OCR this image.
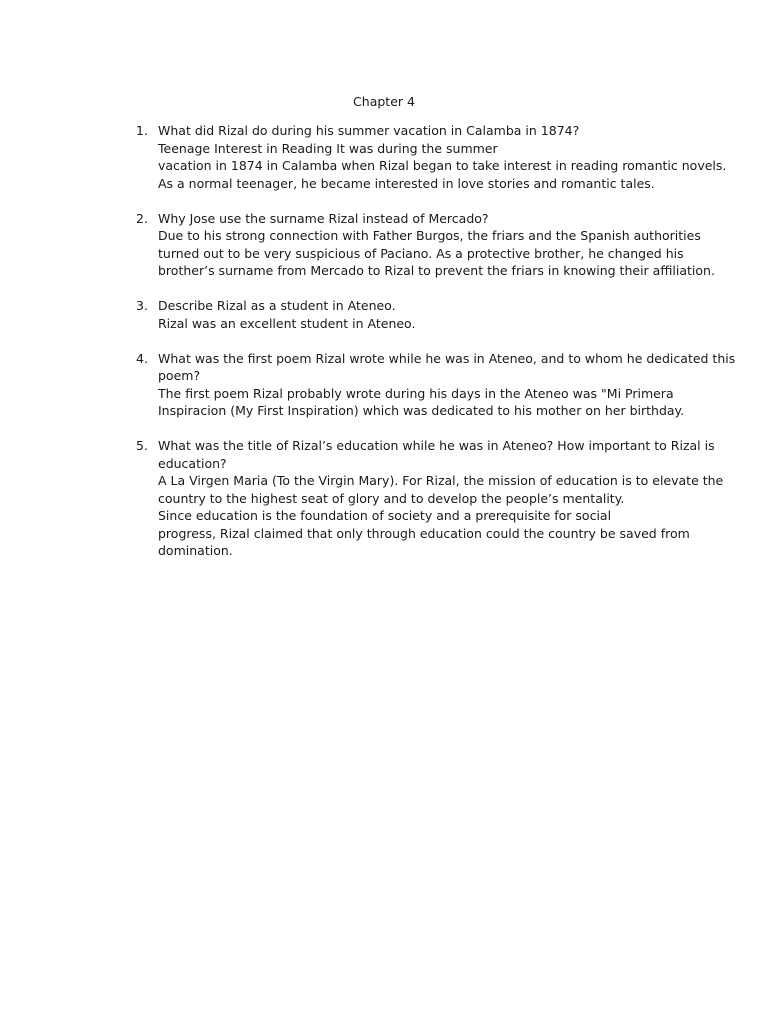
Chapter 4
1. What did Rizal do during his summer vacation in Calamba in 1874?
Teenage Interest in Reading It was during the summer
vacation in 1874 in Calamba when Rizal began to take interest in reading romantic novels.
As a normal teenager, he became interested in love stories and romantic tales.
2. Why Jose use the surname Rizal instead of Mercado?
Due to his strong connection with Father Burgos, the friars and the Spanish authorities
turned out to be very suspicious of Paciano. As a protective brother, he changed his
brother’s surname from Mercado to Rizal to prevent the friars in knowing their affiliation.
3. Describe Rizal as a student in Ateneo.
Rizal was an excellent student in Ateneo.
4. What was the first poem Rizal wrote while he was in Ateneo, and to whom he dedicated this
poem?
The first poem Rizal probably wrote during his days in the Ateneo was "Mi Primera
Inspiracion (My First Inspiration) which was dedicated to his mother on her birthday.
5. What was the title of Rizal’s education while he was in Ateneo? How important to Rizal is
education?
A La Virgen Maria (To the Virgin Mary). For Rizal, the mission of education is to elevate the
country to the highest seat of glory and to develop the people’s mentality.
Since education is the foundation of society and a prerequisite for social
progress, Rizal claimed that only through education could the country be saved from
domination.
